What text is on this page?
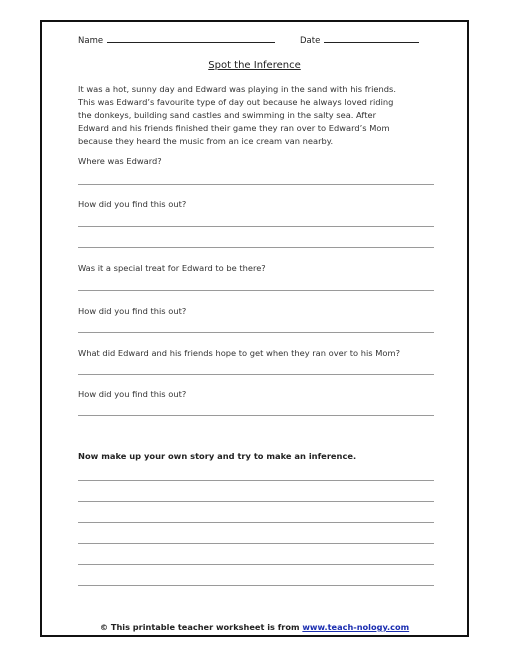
Name	Date
Spot the Inference
It was a hot, sunny day and Edward was playing in the sand with his friends.
This was Edward’s favourite type of day out because he always loved riding
the donkeys, building sand castles and swimming in the salty sea. After
Edward and his friends finished their game they ran over to Edward’s Mom
because they heard the music from an ice cream van nearby.
Where was Edward?
How did you find this out?
Was it a special treat for Edward to be there?
How did you find this out?
What did Edward and his friends hope to get when they ran over to his Mom?
How did you find this out?
Now make up your own story and try to make an inference.
© This printable teacher worksheet is from www.teach-nology.com
